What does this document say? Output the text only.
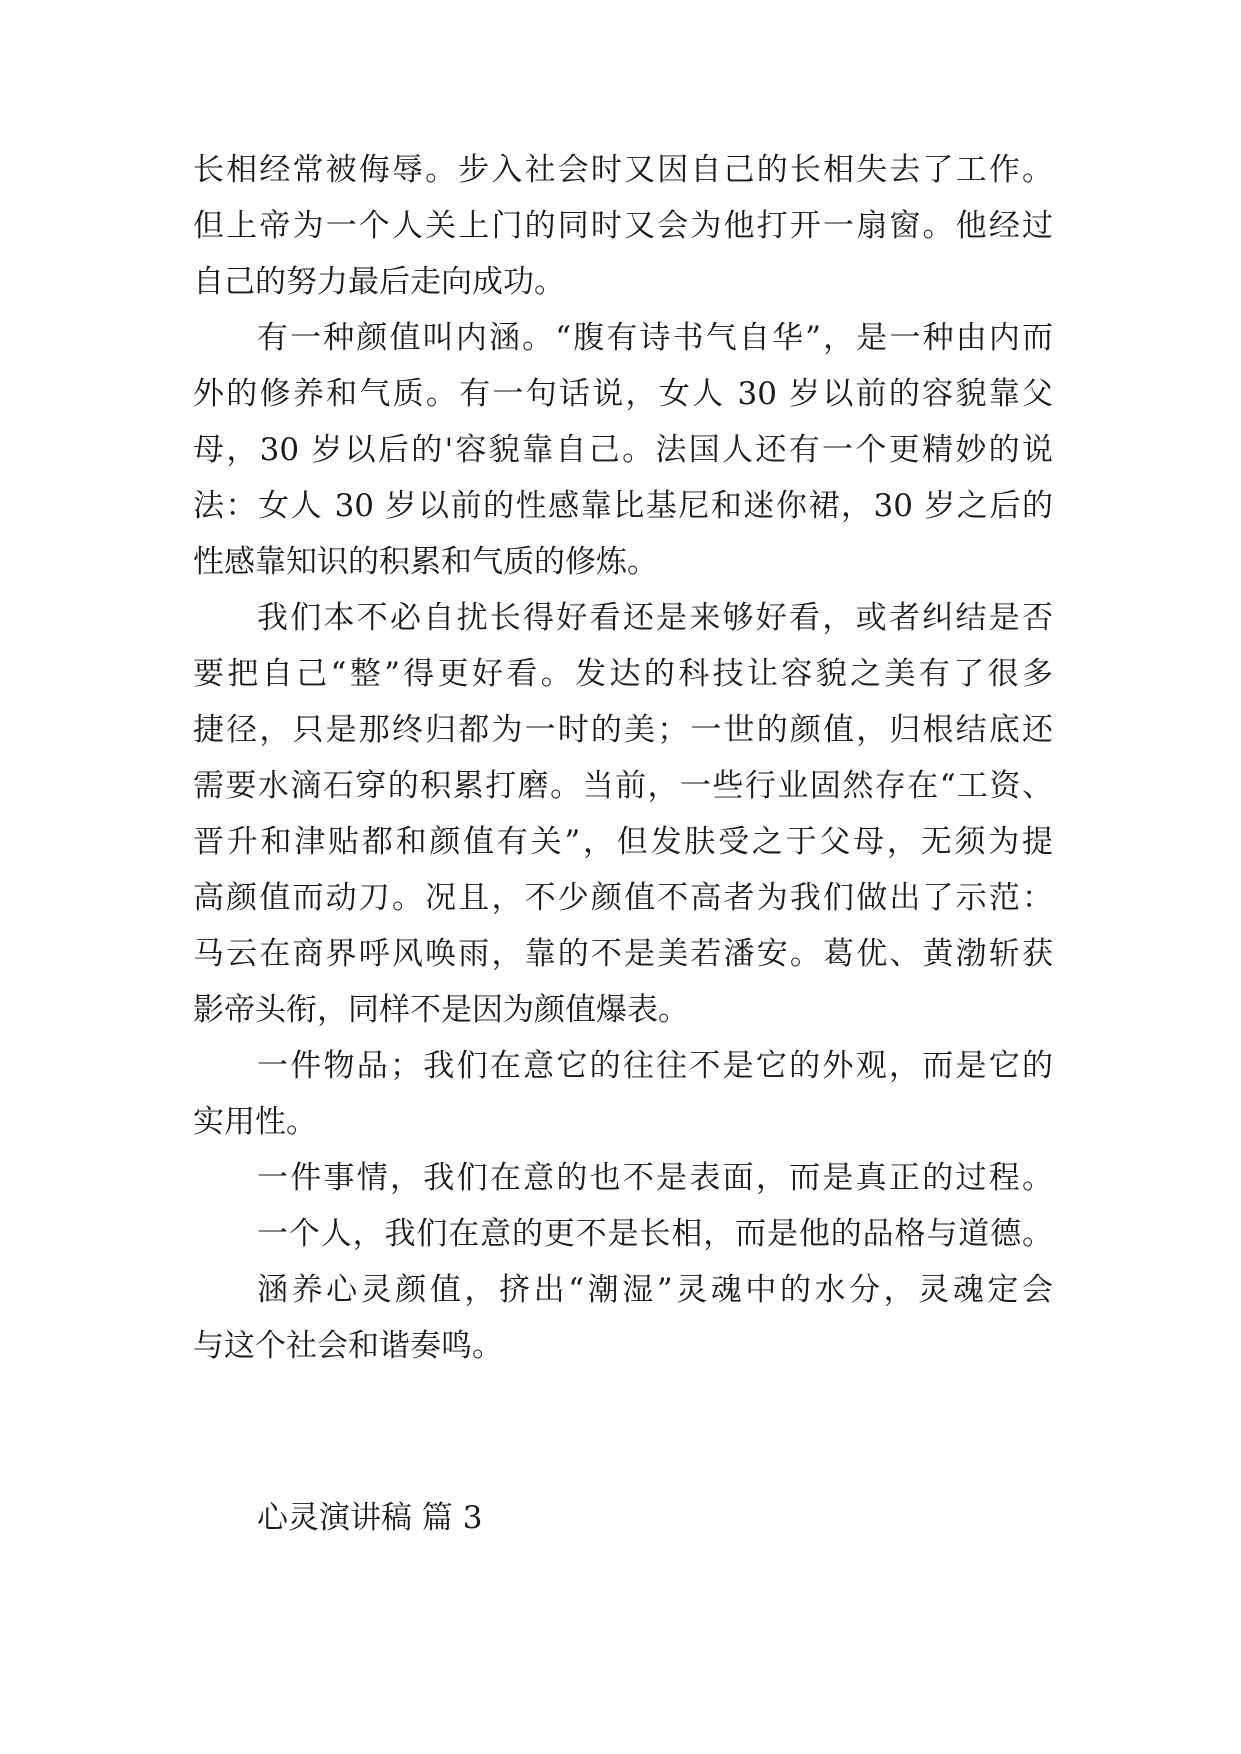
长相经常被侮辱。步入社会时又因自己的长相失去了工作。
但上帝为一个人关上门的同时又会为他打开一扇窗。他经过
自己的努力最后走向成功。
有一种颜值叫内涵。“腹有诗书气自华”，是一种由内而
外的修养和气质。有一句话说，女人 30 岁以前的容貌靠父
母，30 岁以后的'容貌靠自己。法国人还有一个更精妙的说
法：女人 30 岁以前的性感靠比基尼和迷你裙，30 岁之后的
性感靠知识的积累和气质的修炼。
我们本不必自扰长得好看还是来够好看，或者纠结是否
要把自己“整”得更好看。发达的科技让容貌之美有了很多
捷径，只是那终归都为一时的美；一世的颜值，归根结底还
需要水滴石穿的积累打磨。当前，一些行业固然存在“工资、
晋升和津贴都和颜值有关”，但发肤受之于父母，无须为提
高颜值而动刀。况且，不少颜值不高者为我们做出了示范：
马云在商界呼风唤雨，靠的不是美若潘安。葛优、黄渤斩获
影帝头衔，同样不是因为颜值爆表。
一件物品；我们在意它的往往不是它的外观，而是它的
实用性。
一件事情，我们在意的也不是表面，而是真正的过程。
一个人，我们在意的更不是长相，而是他的品格与道德。
涵养心灵颜值，挤出“潮湿”灵魂中的水分，灵魂定会
与这个社会和谐奏鸣。
心灵演讲稿 篇 3
